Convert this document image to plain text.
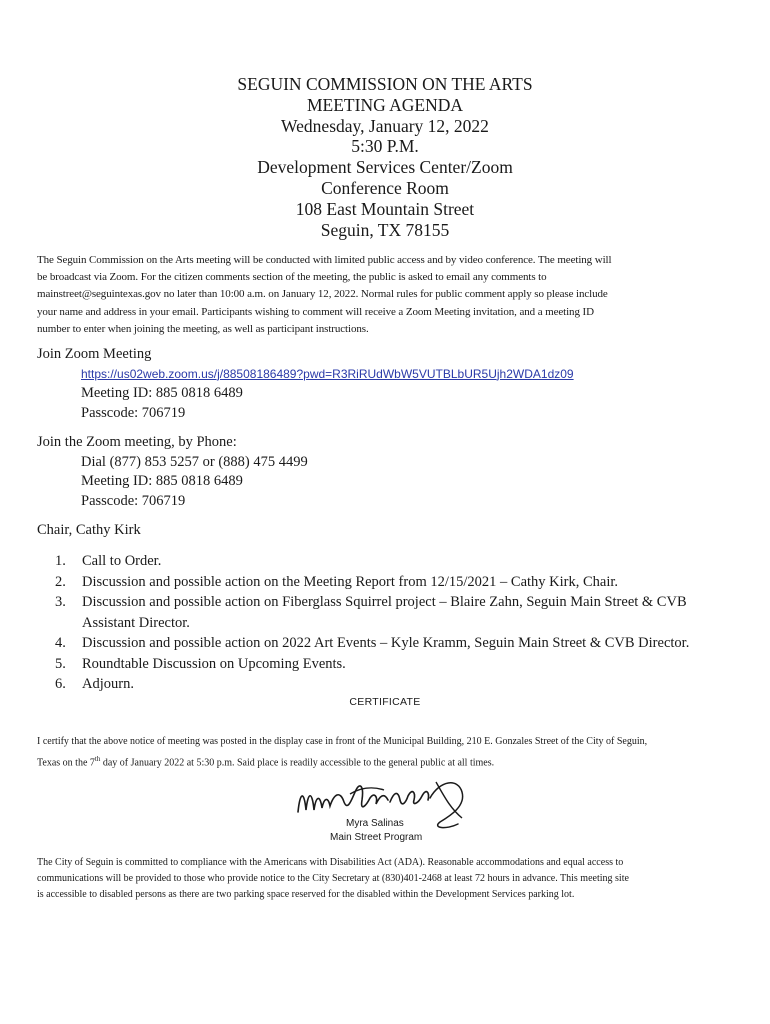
SEGUIN COMMISSION ON THE ARTS
MEETING AGENDA
Wednesday, January 12, 2022
5:30 P.M.
Development Services Center/Zoom
Conference Room
108 East Mountain Street
Seguin, TX 78155
The Seguin Commission on the Arts meeting will be conducted with limited public access and by video conference. The meeting will
be broadcast via Zoom. For the citizen comments section of the meeting, the public is asked to email any comments to
mainstreet@seguintexas.gov no later than 10:00 a.m. on January 12, 2022. Normal rules for public comment apply so please include
your name and address in your email. Participants wishing to comment will receive a Zoom Meeting invitation, and a meeting ID
number to enter when joining the meeting, as well as participant instructions.
Join Zoom Meeting
https://us02web.zoom.us/j/88508186489?pwd=R3RiRUdWbW5VUTBLbUR5Ujh2WDA1dz09
Meeting ID: 885 0818 6489
Passcode: 706719
Join the Zoom meeting, by Phone:
Dial (877) 853 5257 or (888) 475 4499
Meeting ID: 885 0818 6489
Passcode: 706719
Chair, Cathy Kirk
1.	Call to Order.
2.	Discussion and possible action on the Meeting Report from 12/15/2021 – Cathy Kirk, Chair.
3.	Discussion and possible action on Fiberglass Squirrel project – Blaire Zahn, Seguin Main Street & CVB
Assistant Director.
4.	Discussion and possible action on 2022 Art Events – Kyle Kramm, Seguin Main Street & CVB Director.
5.	Roundtable Discussion on Upcoming Events.
6.	Adjourn.
CERTIFICATE
I certify that the above notice of meeting was posted in the display case in front of the Municipal Building, 210 E. Gonzales Street of the City of Seguin,
Texas on the 7th day of January 2022 at 5:30 p.m. Said place is readily accessible to the general public at all times.
Myra Salinas
Main Street Program
The City of Seguin is committed to compliance with the Americans with Disabilities Act (ADA). Reasonable accommodations and equal access to
communications will be provided to those who provide notice to the City Secretary at (830)401-2468 at least 72 hours in advance. This meeting site
is accessible to disabled persons as there are two parking space reserved for the disabled within the Development Services parking lot.
